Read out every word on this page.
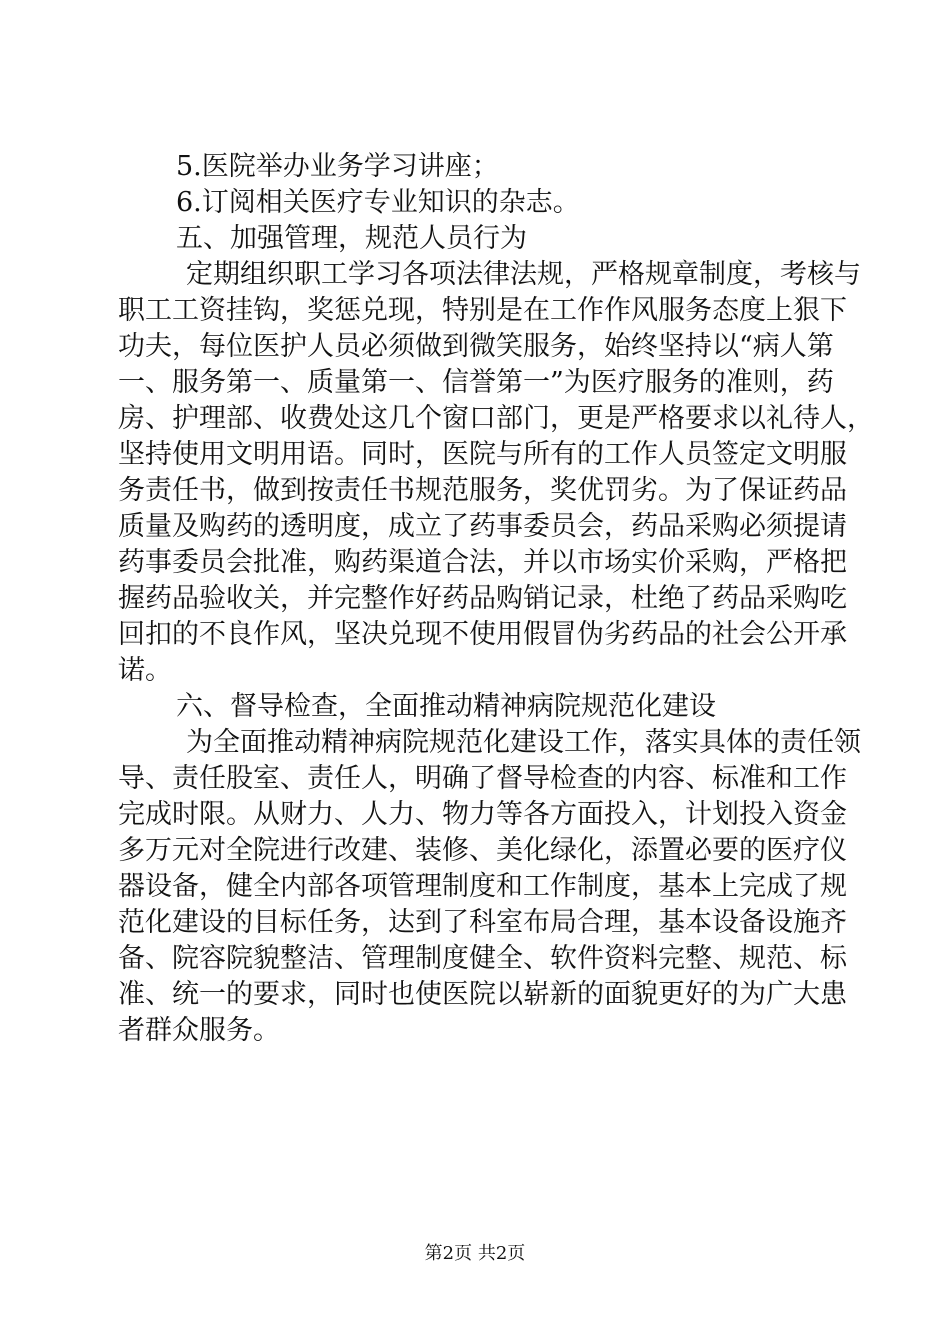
5.医院举办业务学习讲座；
6.订阅相关医疗专业知识的杂志。
五、加强管理，规范人员行为
定期组织职工学习各项法律法规，严格规章制度，考核与
职工工资挂钩，奖惩兑现，特别是在工作作风服务态度上狠下
功夫，每位医护人员必须做到微笑服务，始终坚持以“病人第
一、服务第一、质量第一、信誉第一”为医疗服务的准则，药
房、护理部、收费处这几个窗口部门，更是严格要求以礼待人，
坚持使用文明用语。同时，医院与所有的工作人员签定文明服
务责任书，做到按责任书规范服务，奖优罚劣。为了保证药品
质量及购药的透明度，成立了药事委员会，药品采购必须提请
药事委员会批准，购药渠道合法，并以市场实价采购，严格把
握药品验收关，并完整作好药品购销记录，杜绝了药品采购吃
回扣的不良作风，坚决兑现不使用假冒伪劣药品的社会公开承
诺。
六、督导检查，全面推动精神病院规范化建设
为全面推动精神病院规范化建设工作，落实具体的责任领
导、责任股室、责任人，明确了督导检查的内容、标准和工作
完成时限。从财力、人力、物力等各方面投入，计划投入资金
多万元对全院进行改建、装修、美化绿化，添置必要的医疗仪
器设备，健全内部各项管理制度和工作制度，基本上完成了规
范化建设的目标任务，达到了科室布局合理，基本设备设施齐
备、院容院貌整洁、管理制度健全、软件资料完整、规范、标
准、统一的要求，同时也使医院以崭新的面貌更好的为广大患
者群众服务。
第2页 共2页
